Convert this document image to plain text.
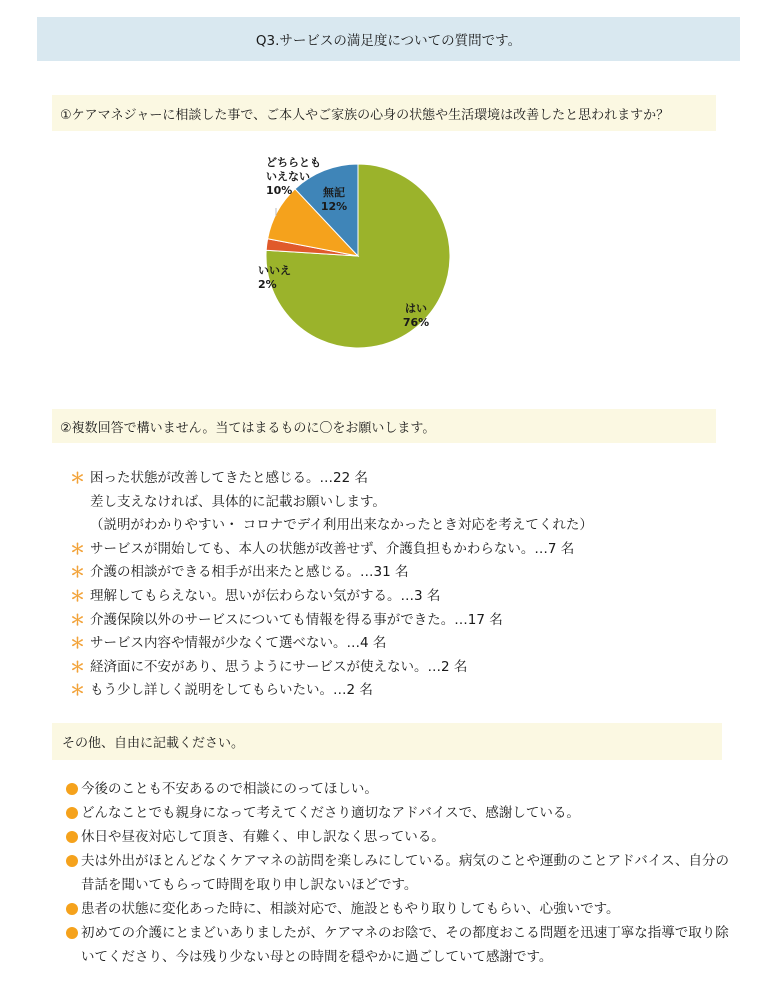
Q3.サービスの満足度についての質問です。
①ケアマネジャーに相談した事で、ご本人やご家族の心身の状態や生活環境は改善したと思われますか？
はい 76%
いいえ 2%
どちらともいえない 10%	無記 12%
②複数回答で構いません。当てはまるものに〇をお願いします。
＊ 困った状態が改善してきたと感じる。…22 名
差し支えなければ、具体的に記載お願いします。
（説明がわかりやすい・ コロナでデイ利用出来なかったとき対応を考えてくれた）
＊ サービスが開始しても、本人の状態が改善せず、介護負担もかわらない。…7 名
＊ 介護の相談ができる相手が出来たと感じる。…31 名
＊ 理解してもらえない。思いが伝わらない気がする。…3 名
＊ 介護保険以外のサービスについても情報を得る事ができた。…17 名
＊ サービス内容や情報が少なくて選べない。…4 名
＊ 経済面に不安があり、思うようにサービスが使えない。…2 名
＊ もう少し詳しく説明をしてもらいたい。…2 名
今後のことも不安あるので相談にのってほしい。
どんなことでも親身になって考えてくださり適切なアドバイスで、感謝している。
休日や昼夜対応して頂き、有難く、申し訳なく思っている。
夫は外出がほとんどなくケアマネの訪問を楽しみにしている。病気のことや運動のことアドバイス、自分の昔話を聞いてもらって時間を取り申し訳ないほどです。
患者の状態に変化あった時に、相談対応で、施設ともやり取りしてもらい、心強いです。
初めての介護にとまどいありましたが、ケアマネのお陰で、その都度おこる問題を迅速丁寧な指導で取り除いてくださり、今は残り少ない母との時間を穏やかに過ごしていて感謝です。
その他、自由に記載ください。
